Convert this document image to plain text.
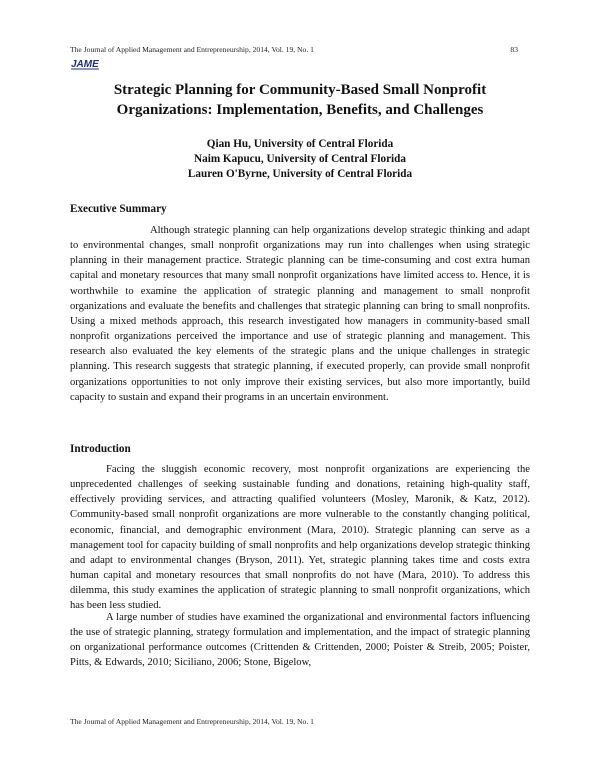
The Journal of Applied Management and Entrepreneurship, 2014, Vol. 19, No. 1	83
JAME
Strategic Planning for Community-Based Small Nonprofit Organizations: Implementation, Benefits, and Challenges
Qian Hu, University of Central Florida
Naim Kapucu, University of Central Florida
Lauren O'Byrne, University of Central Florida
Executive Summary

Although strategic planning can help organizations develop strategic thinking and adapt to environmental changes, small nonprofit organizations may run into challenges when using strategic planning in their management practice. Strategic planning can be time-consuming and cost extra human capital and monetary resources that many small nonprofit organizations have limited access to. Hence, it is worthwhile to examine the application of strategic planning and management to small nonprofit organizations and evaluate the benefits and challenges that strategic planning can bring to small nonprofits. Using a mixed methods approach, this research investigated how managers in community-based small nonprofit organizations perceived the importance and use of strategic planning and management. This research also evaluated the key elements of the strategic plans and the unique challenges in strategic planning. This research suggests that strategic planning, if executed properly, can provide small nonprofit organizations opportunities to not only improve their existing services, but also more importantly, build capacity to sustain and expand their programs in an uncertain environment.

Introduction

Facing the sluggish economic recovery, most nonprofit organizations are experiencing the unprecedented challenges of seeking sustainable funding and donations, retaining high-quality staff, effectively providing services, and attracting qualified volunteers (Mosley, Maronik, & Katz, 2012). Community-based small nonprofit organizations are more vulnerable to the constantly changing political, economic, financial, and demographic environment (Mara, 2010). Strategic planning can serve as a management tool for capacity building of small nonprofits and help organizations develop strategic thinking and adapt to environmental changes (Bryson, 2011). Yet, strategic planning takes time and costs extra human capital and monetary resources that small nonprofits do not have (Mara, 2010). To address this dilemma, this study examines the application of strategic planning to small nonprofit organizations, which has been less studied.

A large number of studies have examined the organizational and environmental factors influencing the use of strategic planning, strategy formulation and implementation, and the impact of strategic planning on organizational performance outcomes (Crittenden & Crittenden, 2000; Poister & Streib, 2005; Poister, Pitts, & Edwards, 2010; Siciliano, 2006; Stone, Bigelow,

The Journal of Applied Management and Entrepreneurship, 2014, Vol. 19, No. 1
